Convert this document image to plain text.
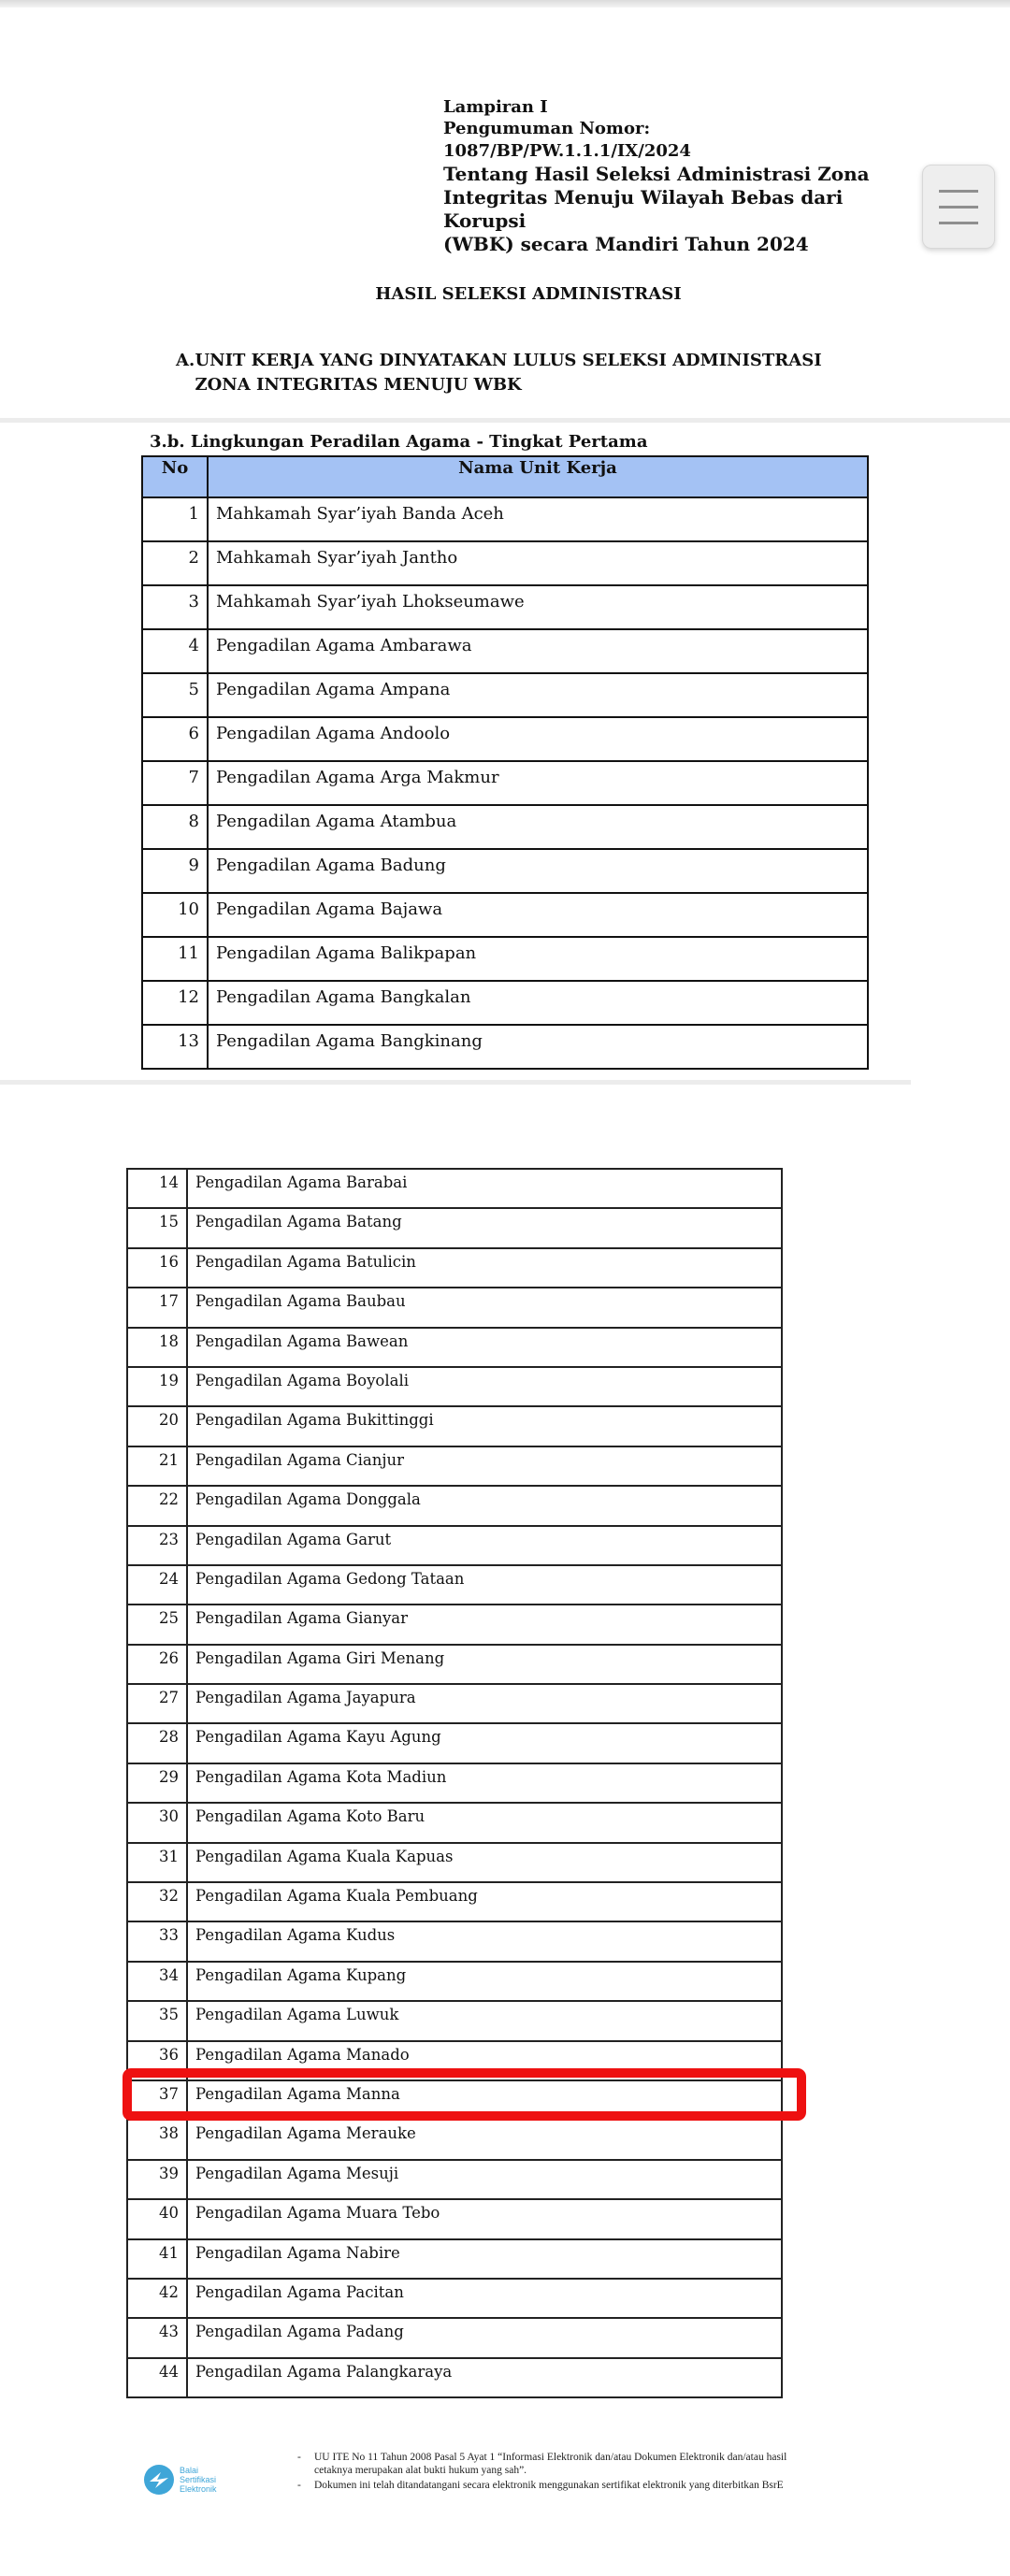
Lampiran I
Pengumuman Nomor: 1087/BP/PW.1.1.1/IX/2024
Tentang Hasil Seleksi Administrasi Zona
Integritas Menuju Wilayah Bebas dari Korupsi
(WBK) secara Mandiri Tahun 2024
HASIL SELEKSI ADMINISTRASI
A. UNIT KERJA YANG DINYATAKAN LULUS SELEKSI ADMINISTRASI ZONA INTEGRITAS MENUJU WBK
3.b. Lingkungan Peradilan Agama - Tingkat Pertama
No	Nama Unit Kerja
1	Mahkamah Syar’iyah Banda Aceh
2	Mahkamah Syar’iyah Jantho
3	Mahkamah Syar’iyah Lhokseumawe
4	Pengadilan Agama Ambarawa
5	Pengadilan Agama Ampana
6	Pengadilan Agama Andoolo
7	Pengadilan Agama Arga Makmur
8	Pengadilan Agama Atambua
9	Pengadilan Agama Badung
10	Pengadilan Agama Bajawa
11	Pengadilan Agama Balikpapan
12	Pengadilan Agama Bangkalan
13	Pengadilan Agama Bangkinang
14	Pengadilan Agama Barabai
15	Pengadilan Agama Batang
16	Pengadilan Agama Batulicin
17	Pengadilan Agama Baubau
18	Pengadilan Agama Bawean
19	Pengadilan Agama Boyolali
20	Pengadilan Agama Bukittinggi
21	Pengadilan Agama Cianjur
22	Pengadilan Agama Donggala
23	Pengadilan Agama Garut
24	Pengadilan Agama Gedong Tataan
25	Pengadilan Agama Gianyar
26	Pengadilan Agama Giri Menang
27	Pengadilan Agama Jayapura
28	Pengadilan Agama Kayu Agung
29	Pengadilan Agama Kota Madiun
30	Pengadilan Agama Koto Baru
31	Pengadilan Agama Kuala Kapuas
32	Pengadilan Agama Kuala Pembuang
33	Pengadilan Agama Kudus
34	Pengadilan Agama Kupang
35	Pengadilan Agama Luwuk
36	Pengadilan Agama Manado
37	Pengadilan Agama Manna
38	Pengadilan Agama Merauke
39	Pengadilan Agama Mesuji
40	Pengadilan Agama Muara Tebo
41	Pengadilan Agama Nabire
42	Pengadilan Agama Pacitan
43	Pengadilan Agama Padang
44	Pengadilan Agama Palangkaraya
Balai
Sertifikasi
Elektronik
- UU ITE No 11 Tahun 2008 Pasal 5 Ayat 1 “Informasi Elektronik dan/atau Dokumen Elektronik dan/atau hasil cetaknya merupakan alat bukti hukum yang sah”.
- Dokumen ini telah ditandatangani secara elektronik menggunakan sertifikat elektronik yang diterbitkan BsrE
